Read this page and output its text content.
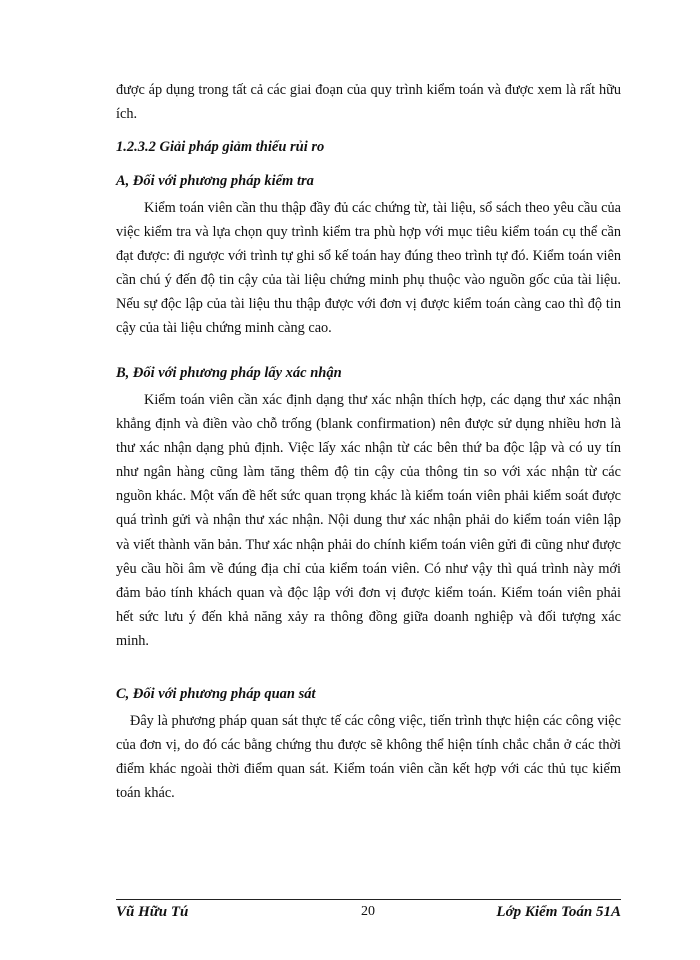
được áp dụng trong tất cả các giai đoạn của quy trình kiểm toán và được xem là rất hữu ích.

1.2.3.2 Giải pháp giảm thiểu rủi ro
A, Đối với phương pháp kiểm tra

Kiểm toán viên cần thu thập đầy đủ các chứng từ, tài liệu, sổ sách theo yêu cầu của việc kiểm tra và lựa chọn quy trình kiểm tra phù hợp với mục tiêu kiểm toán cụ thể cần đạt được: đi ngược với trình tự ghi sổ kế toán hay đúng theo trình tự đó. Kiểm toán viên cần chú ý đến độ tin cậy của tài liệu chứng minh phụ thuộc vào nguồn gốc của tài liệu. Nếu sự độc lập của tài liệu thu thập được với đơn vị được kiểm toán càng cao thì độ tin cậy của tài liệu chứng minh càng cao.

B, Đối với phương pháp lấy xác nhận

Kiểm toán viên cần xác định dạng thư xác nhận thích hợp, các dạng thư xác nhận khẳng định và điền vào chỗ trống (blank confirmation) nên được sử dụng nhiều hơn là thư xác nhận dạng phủ định. Việc lấy xác nhận từ các bên thứ ba độc lập và có uy tín như ngân hàng cũng làm tăng thêm độ tin cậy của thông tin so với xác nhận từ các nguồn khác. Một vấn đề hết sức quan trọng khác là kiểm toán viên phải kiểm soát được quá trình gửi và nhận thư xác nhận. Nội dung thư xác nhận phải do kiểm toán viên lập và viết thành văn bản. Thư xác nhận phải do chính kiểm toán viên gửi đi cũng như được yêu cầu hồi âm về đúng địa chỉ của kiểm toán viên. Có như vậy thì quá trình này mới đảm bảo tính khách quan và độc lập với đơn vị được kiểm toán. Kiểm toán viên phải hết sức lưu ý đến khả năng xảy ra thông đồng giữa doanh nghiệp và đối tượng xác minh.

C, Đối với phương pháp quan sát

Đây là phương pháp quan sát thực tế các công việc, tiến trình thực hiện các công việc của đơn vị, do đó các bằng chứng thu được sẽ không thể hiện tính chắc chắn ở các thời điểm khác ngoài thời điểm quan sát. Kiểm toán viên cần kết hợp với các thủ tục kiểm toán khác.

Vũ Hữu Tú	20	Lớp Kiểm Toán 51A
